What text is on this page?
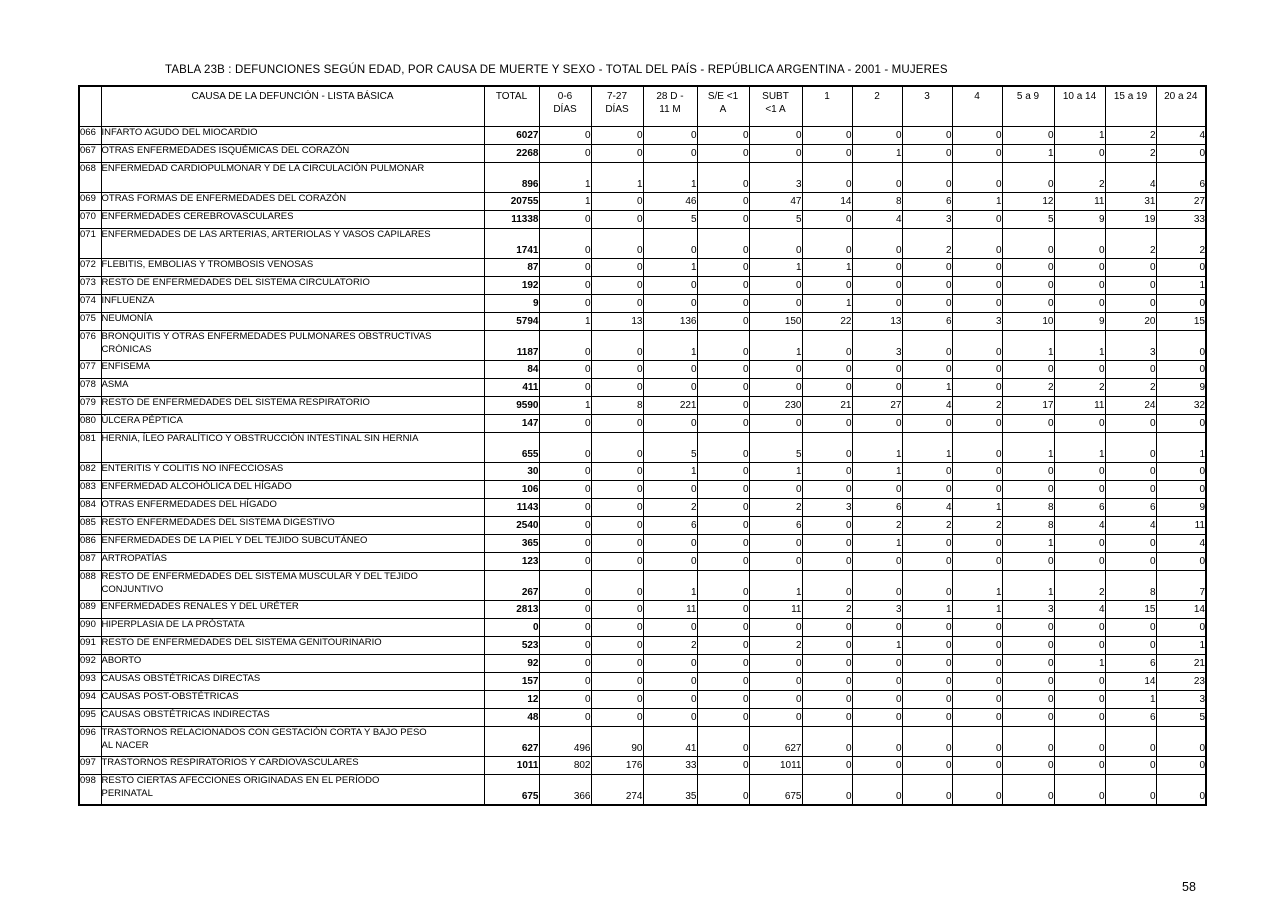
TABLA 23B : DEFUNCIONES SEGÚN EDAD, POR CAUSA DE MUERTE Y SEXO - TOTAL DEL PAÍS - REPÚBLICA ARGENTINA - 2001 - MUJERES
	CAUSA DE LA DEFUNCIÓN - LISTA BÁSICA	TOTAL	0-6
DÍAS

7-27
DÍAS

28 D -
11 M

S/E <1
A

SUBT
<1 A

1	2	3	4	5 a 9	10 a 14	15 a 19	20 a 24

066	INFARTO AGUDO DEL MIOCARDIO	6027	0	0	0	0	0	0	0	0	0	0	1	2	4
067	OTRAS ENFERMEDADES ISQUÉMICAS DEL CORAZÓN	2268	0	0	0	0	0	0	1	0	0	1	0	2	0
068	ENFERMEDAD CARDIOPULMONAR Y DE LA CIRCULACIÓN PULMONAR	896	1	1	1	0	3	0	0	0	0	0	2	4	6
069	OTRAS FORMAS DE ENFERMEDADES DEL CORAZÓN	20755	1	0	46	0	47	14	8	6	1	12	11	31	27
070	ENFERMEDADES CEREBROVASCULARES	11338	0	0	5	0	5	0	4	3	0	5	9	19	33
071	ENFERMEDADES DE LAS ARTERIAS, ARTERIOLAS Y VASOS CAPILARES	1741	0	0	0	0	0	0	0	2	0	0	0	2	2
072	FLEBITIS, EMBOLIAS Y TROMBOSIS VENOSAS	87	0	0	1	0	1	1	0	0	0	0	0	0	0
073	RESTO DE ENFERMEDADES DEL SISTEMA CIRCULATORIO	192	0	0	0	0	0	0	0	0	0	0	0	0	1
074	INFLUENZA	9	0	0	0	0	0	1	0	0	0	0	0	0	0
075	NEUMONÍA	5794	1	13	136	0	150	22	13	6	3	10	9	20	15
076	BRONQUITIS Y OTRAS ENFERMEDADES PULMONARES OBSTRUCTIVAS
CRÓNICAS	1187	0	0	1	0	1	0	3	0	0	1	1	3	0
077	ENFISEMA	84	0	0	0	0	0	0	0	0	0	0	0	0	0
078	ASMA	411	0	0	0	0	0	0	0	1	0	2	2	2	9
079	RESTO DE ENFERMEDADES DEL SISTEMA RESPIRATORIO	9590	1	8	221	0	230	21	27	4	2	17	11	24	32
080	ÚLCERA PÉPTICA	147	0	0	0	0	0	0	0	0	0	0	0	0	0
081	HERNIA, ÍLEO PARALÍTICO Y OBSTRUCCIÓN INTESTINAL SIN HERNIA	655	0	0	5	0	5	0	1	1	0	1	1	0	1
082	ENTERITIS Y COLITIS NO INFECCIOSAS	30	0	0	1	0	1	0	1	0	0	0	0	0	0
083	ENFERMEDAD ALCOHÓLICA DEL HÍGADO	106	0	0	0	0	0	0	0	0	0	0	0	0	0
084	OTRAS ENFERMEDADES DEL HÍGADO	1143	0	0	2	0	2	3	6	4	1	8	6	6	9
085	RESTO ENFERMEDADES DEL SISTEMA DIGESTIVO	2540	0	0	6	0	6	0	2	2	2	8	4	4	11
086	ENFERMEDADES DE LA PIEL Y DEL TEJIDO SUBCUTÁNEO	365	0	0	0	0	0	0	1	0	0	1	0	0	4
087	ARTROPATÍAS	123	0	0	0	0	0	0	0	0	0	0	0	0	0
088	RESTO DE ENFERMEDADES DEL SISTEMA MUSCULAR Y DEL TEJIDO
CONJUNTIVO	267	0	0	1	0	1	0	0	0	1	1	2	8	7
089	ENFERMEDADES RENALES Y DEL URÉTER	2813	0	0	11	0	11	2	3	1	1	3	4	15	14
090	HIPERPLASIA DE LA PRÓSTATA	0	0	0	0	0	0	0	0	0	0	0	0	0	0
091	RESTO DE ENFERMEDADES DEL SISTEMA GENITOURINARIO	523	0	0	2	0	2	0	1	0	0	0	0	0	1
092	ABORTO	92	0	0	0	0	0	0	0	0	0	0	1	6	21
093	CAUSAS OBSTÉTRICAS DIRECTAS	157	0	0	0	0	0	0	0	0	0	0	0	14	23
094	CAUSAS POST-OBSTÉTRICAS	12	0	0	0	0	0	0	0	0	0	0	0	1	3
095	CAUSAS OBSTÉTRICAS INDIRECTAS	48	0	0	0	0	0	0	0	0	0	0	0	6	5
096	TRASTORNOS RELACIONADOS CON GESTACIÓN CORTA Y BAJO PESO
AL NACER	627	496	90	41	0	627	0	0	0	0	0	0	0	0
097	TRASTORNOS RESPIRATORIOS Y CARDIOVASCULARES	1011	802	176	33	0	1011	0	0	0	0	0	0	0	0
098	RESTO CIERTAS AFECCIONES ORIGINADAS EN EL PERÍODO
PERINATAL	675	366	274	35	0	675	0	0	0	0	0	0	0	0
58
